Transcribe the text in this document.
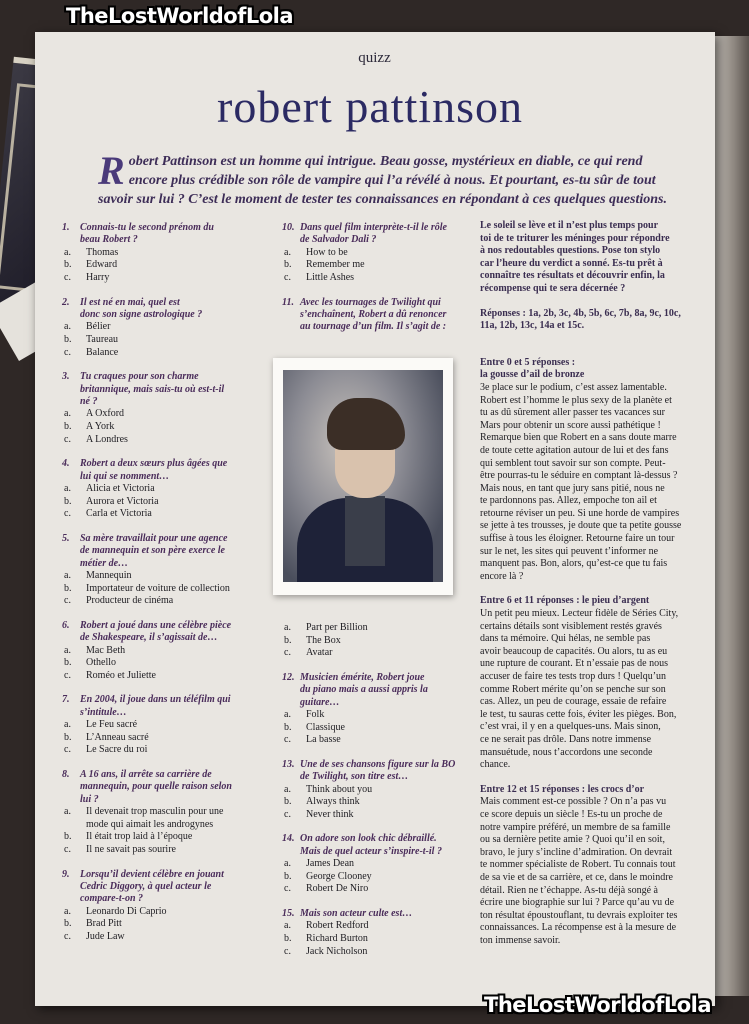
TheLostWorldofLola
TheLostWorldofLola
quizz
robert pattinson
R obert Pattinson est un homme qui intrigue. Beau gosse, mystérieux en diable, ce qui rend encore plus crédible son rôle de vampire qui l’a révélé à nous. Et pourtant, es-tu sûr de tout savoir sur lui ? C’est le moment de tester tes connaissances en répondant à ces quelques questions.
1. Connais-tu le second prénom du
beau Robert ?
a. Thomas
b. Edward
c. Harry
2. Il est né en mai, quel est
donc son signe astrologique ?
a. Bélier
b. Taureau
c. Balance
3. Tu craques pour son charme
britannique, mais sais-tu où est-t-il
né ?
a. A Oxford
b. A York
c. A Londres
4. Robert a deux sœurs plus âgées que
lui qui se nomment…
a. Alicia et Victoria
b. Aurora et Victoria
c. Carla et Victoria
5. Sa mère travaillait pour une agence
de mannequin et son père exerce le
métier de…
a. Mannequin
b. Importateur de voiture de collection
c. Producteur de cinéma
6. Robert a joué dans une célèbre pièce
de Shakespeare, il s’agissait de…
a. Mac Beth
b. Othello
c. Roméo et Juliette
7. En 2004, il joue dans un téléfilm qui
s’intitule…
a. Le Feu sacré
b. L’Anneau sacré
c. Le Sacre du roi
8. A 16 ans, il arrête sa carrière de
mannequin, pour quelle raison selon
lui ?
a. Il devenait trop masculin pour une
mode qui aimait les androgynes
b. Il était trop laid à l’époque
c. Il ne savait pas sourire
9. Lorsqu’il devient célèbre en jouant
Cedric Diggory, à quel acteur le
compare-t-on ?
a. Leonardo Di Caprio
b. Brad Pitt
c. Jude Law
10. Dans quel film interprète-t-il le rôle
de Salvador Dali ?
a. How to be
b. Remember me
c. Little Ashes
11. Avec les tournages de Twilight qui
s’enchaînent, Robert a dû renoncer
au tournage d’un film. Il s’agit de :
a. Part per Billion
b. The Box
c. Avatar
12. Musicien émérite, Robert joue
du piano mais a aussi appris la
guitare…
a. Folk
b. Classique
c. La basse
13. Une de ses chansons figure sur la BO
de Twilight, son titre est…
a. Think about you
b. Always think
c. Never think
14. On adore son look chic débraillé.
Mais de quel acteur s’inspire-t-il ?
a. James Dean
b. George Clooney
c. Robert De Niro
15. Mais son acteur culte est…
a. Robert Redford
b. Richard Burton
c. Jack Nicholson
Le soleil se lève et il n’est plus temps pour
toi de te triturer les méninges pour répondre
à nos redoutables questions. Pose ton stylo
car l’heure du verdict a sonné. Es-tu prêt à
connaître tes résultats et découvrir enfin, la
récompense qui te sera décernée ?
Réponses : 1a, 2b, 3c, 4b, 5b, 6c, 7b, 8a, 9c, 10c,
11a, 12b, 13c, 14a et 15c.
Entre 0 et 5 réponses :
la gousse d’ail de bronze
3e place sur le podium, c’est assez lamentable.
Robert est l’homme le plus sexy de la planète et
tu as dû sûrement aller passer tes vacances sur
Mars pour obtenir un score aussi pathétique !
Remarque bien que Robert en a sans doute marre
de toute cette agitation autour de lui et des fans
qui semblent tout savoir sur son compte. Peut-
être pourras-tu le séduire en comptant là-dessus ?
Mais nous, en tant que jury sans pitié, nous ne
te pardonnons pas. Allez, empoche ton ail et
retourne réviser un peu. Si une horde de vampires
se jette à tes trousses, je doute que ta petite gousse
suffise à tous les éloigner. Retourne faire un tour
sur le net, les sites qui peuvent t’informer ne
manquent pas. Bon, alors, qu’est-ce que tu fais
encore là ?
Entre 6 et 11 réponses : le pieu d’argent
Un petit peu mieux. Lecteur fidèle de Séries City,
certains détails sont visiblement restés gravés
dans ta mémoire. Qui hélas, ne semble pas
avoir beaucoup de capacités. Ou alors, tu as eu
une rupture de courant. Et n’essaie pas de nous
accuser de faire tes tests trop durs ! Quelqu’un
comme Robert mérite qu’on se penche sur son
cas. Allez, un peu de courage, essaie de refaire
le test, tu sauras cette fois, éviter les pièges. Bon,
c’est vrai, il y en a quelques-uns. Mais sinon,
ce ne serait pas drôle. Dans notre immense
mansuétude, nous t’accordons une seconde
chance.
Entre 12 et 15 réponses : les crocs d’or
Mais comment est-ce possible ? On n’a pas vu
ce score depuis un siècle ! Es-tu un proche de
notre vampire préféré, un membre de sa famille
ou sa dernière petite amie ? Quoi qu’il en soit,
bravo, le jury s’incline d’admiration. On devrait
te nommer spécialiste de Robert. Tu connais tout
de sa vie et de sa carrière, et ce, dans le moindre
détail. Rien ne t’échappe. As-tu déjà songé à
écrire une biographie sur lui ? Parce qu’au vu de
ton résultat époustouflant, tu devrais exploiter tes
connaissances. La récompense est à la mesure de
ton immense savoir.
